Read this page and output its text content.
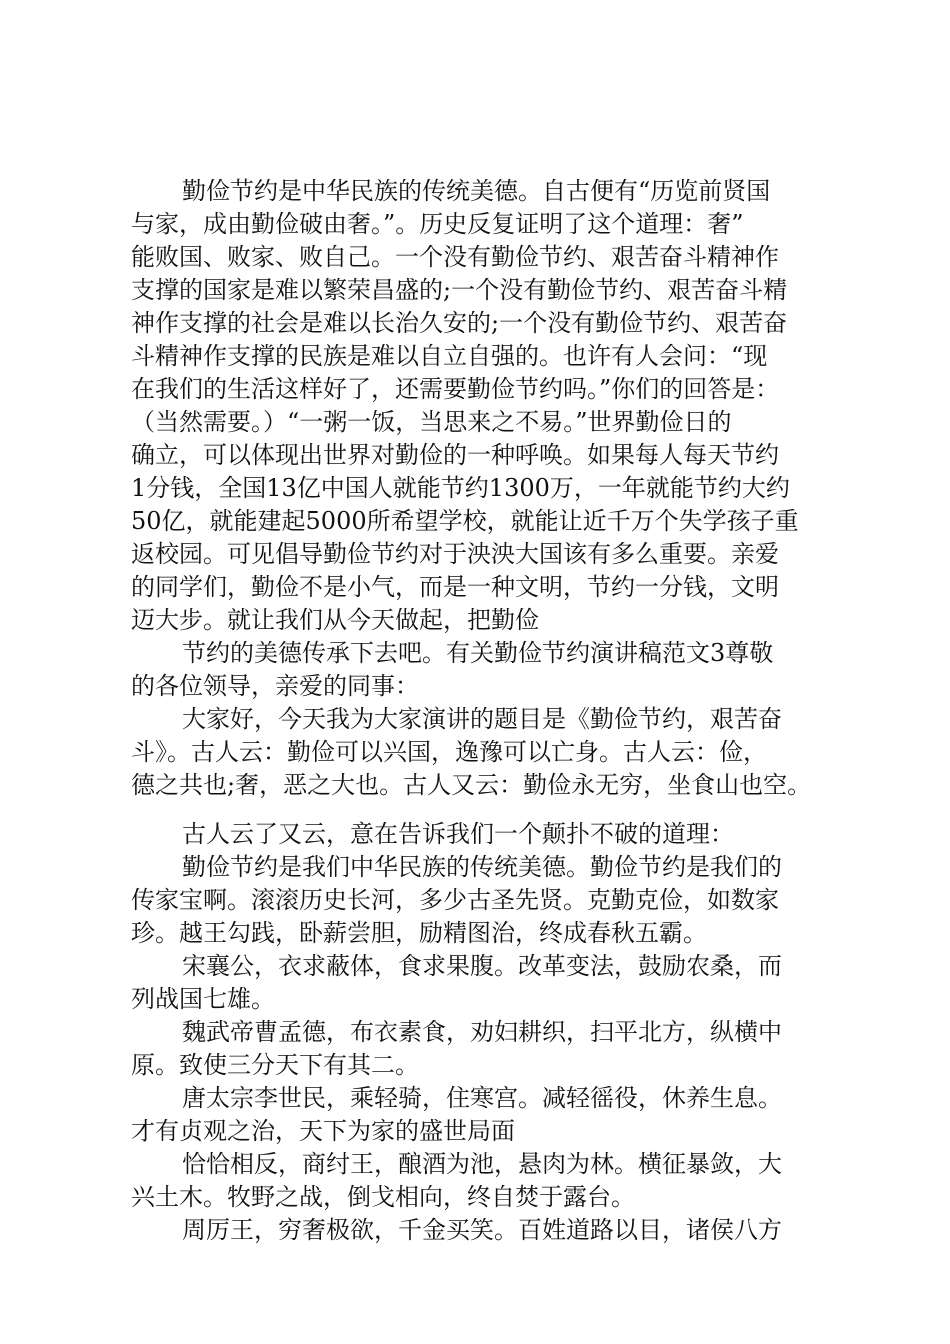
勤俭节约是中华民族的传统美德。自古便有“历览前贤国
与家，成由勤俭破由奢。”。历史反复证明了这个道理：奢”
能败国、败家、败自己。一个没有勤俭节约、艰苦奋斗精神作
支撑的国家是难以繁荣昌盛的;一个没有勤俭节约、艰苦奋斗精
神作支撑的社会是难以长治久安的;一个没有勤俭节约、艰苦奋
斗精神作支撑的民族是难以自立自强的。也许有人会问：“现
在我们的生活这样好了，还需要勤俭节约吗。”你们的回答是：
（当然需要。）“一粥一饭，当思来之不易。”世界勤俭日的
确立，可以体现出世界对勤俭的一种呼唤。如果每人每天节约
1分钱，全国13亿中国人就能节约1300万，一年就能节约大约
50亿，就能建起5000所希望学校，就能让近千万个失学孩子重
返校园。可见倡导勤俭节约对于泱泱大国该有多么重要。亲爱
的同学们，勤俭不是小气，而是一种文明，节约一分钱，文明
迈大步。就让我们从今天做起，把勤俭
节约的美德传承下去吧。有关勤俭节约演讲稿范文3尊敬
的各位领导，亲爱的同事：
大家好，今天我为大家演讲的题目是《勤俭节约，艰苦奋
斗》。古人云：勤俭可以兴国，逸豫可以亡身。古人云：俭，
德之共也;奢，恶之大也。古人又云：勤俭永无穷，坐食山也空。
古人云了又云，意在告诉我们一个颠扑不破的道理：
勤俭节约是我们中华民族的传统美德。勤俭节约是我们的
传家宝啊。滚滚历史长河，多少古圣先贤。克勤克俭，如数家
珍。越王勾践，卧薪尝胆，励精图治，终成春秋五霸。
宋襄公，衣求蔽体，食求果腹。改革变法，鼓励农桑，而
列战国七雄。
魏武帝曹孟德，布衣素食，劝妇耕织，扫平北方，纵横中
原。致使三分天下有其二。
唐太宗李世民，乘轻骑，住寒宫。减轻徭役，休养生息。
才有贞观之治，天下为家的盛世局面
恰恰相反，商纣王，酿酒为池，悬肉为林。横征暴敛，大
兴土木。牧野之战，倒戈相向，终自焚于露台。
周厉王，穷奢极欲，千金买笑。百姓道路以目，诸侯八方
